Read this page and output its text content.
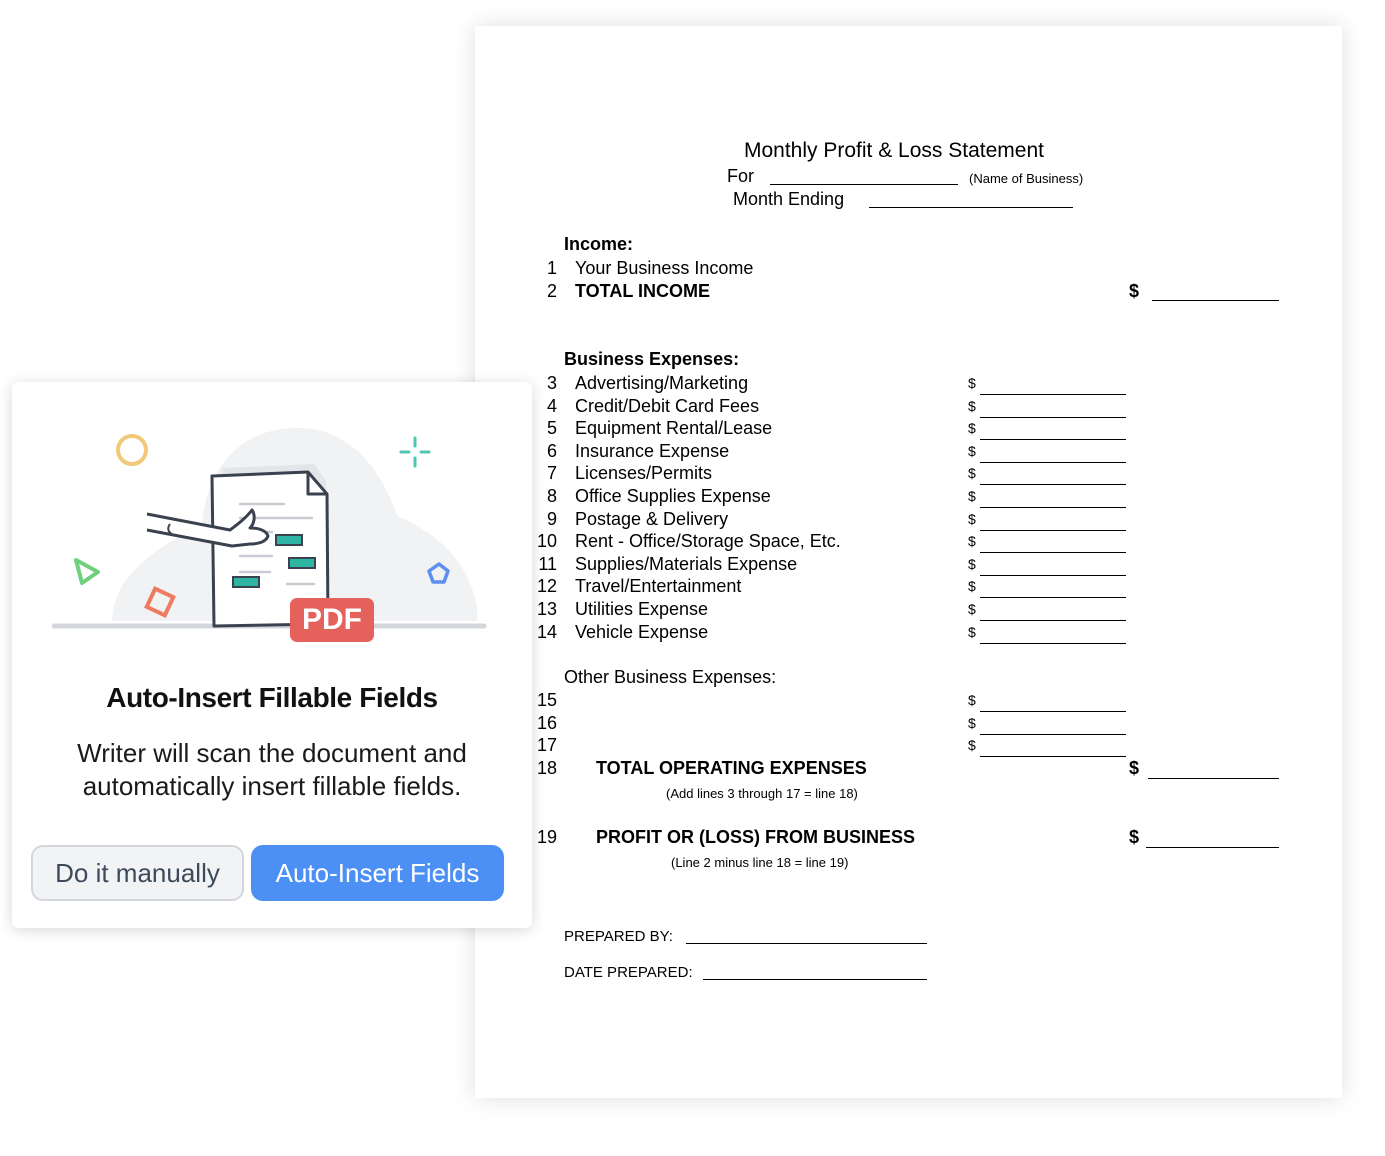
Monthly Profit & Loss Statement
For	(Name of Business)
Month Ending
Income:
1 Your Business Income
2 TOTAL INCOME	$
Business Expenses:
3 Advertising/Marketing	$
4 Credit/Debit Card Fees	$
5 Equipment Rental/Lease	$
6 Insurance Expense	$
7 Licenses/Permits	$
8 Office Supplies Expense	$
9 Postage & Delivery	$
10 Rent - Office/Storage Space, Etc.	$
11 Supplies/Materials Expense	$
12 Travel/Entertainment	$
13 Utilities Expense	$
14 Vehicle Expense	$
Other Business Expenses:
15	$
16	$
17	$
18 TOTAL OPERATING EXPENSES	$
(Add lines 3 through 17 = line 18)
19 PROFIT OR (LOSS) FROM BUSINESS	$
(Line 2 minus line 18 = line 19)
PREPARED BY:
DATE PREPARED:
PDF
Auto-Insert Fillable Fields
Writer will scan the document and
automatically insert fillable fields.
Do it manually	Auto-Insert Fields
